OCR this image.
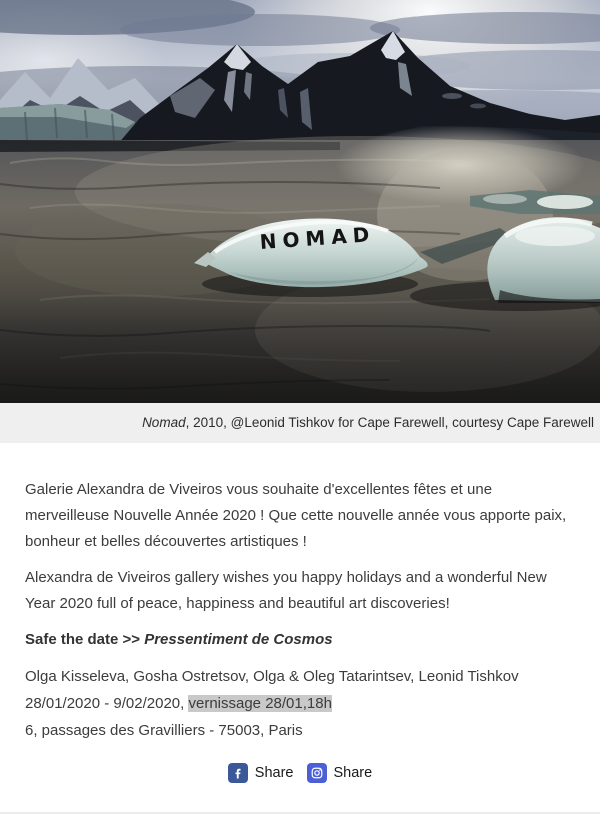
NOMAD
Nomad, 2010, @Leonid Tishkov for Cape Farewell, courtesy Cape Farewell

Galerie Alexandra de Viveiros vous souhaite d'excellentes fêtes et une merveilleuse Nouvelle Année 2020 ! Que cette nouvelle année vous apporte paix, bonheur et belles découvertes artistiques !

Alexandra de Viveiros gallery wishes you happy holidays and a wonderful New Year 2020 full of peace, happiness and beautiful art discoveries!

Safe the date >> Pressentiment de Cosmos

Olga Kisseleva, Gosha Ostretsov, Olga & Oleg Tatarintsev, Leonid Tishkov
28/01/2020 - 9/02/2020, vernissage 28/01,18h
6, passages des Gravilliers - 75003, Paris
Share	Share
